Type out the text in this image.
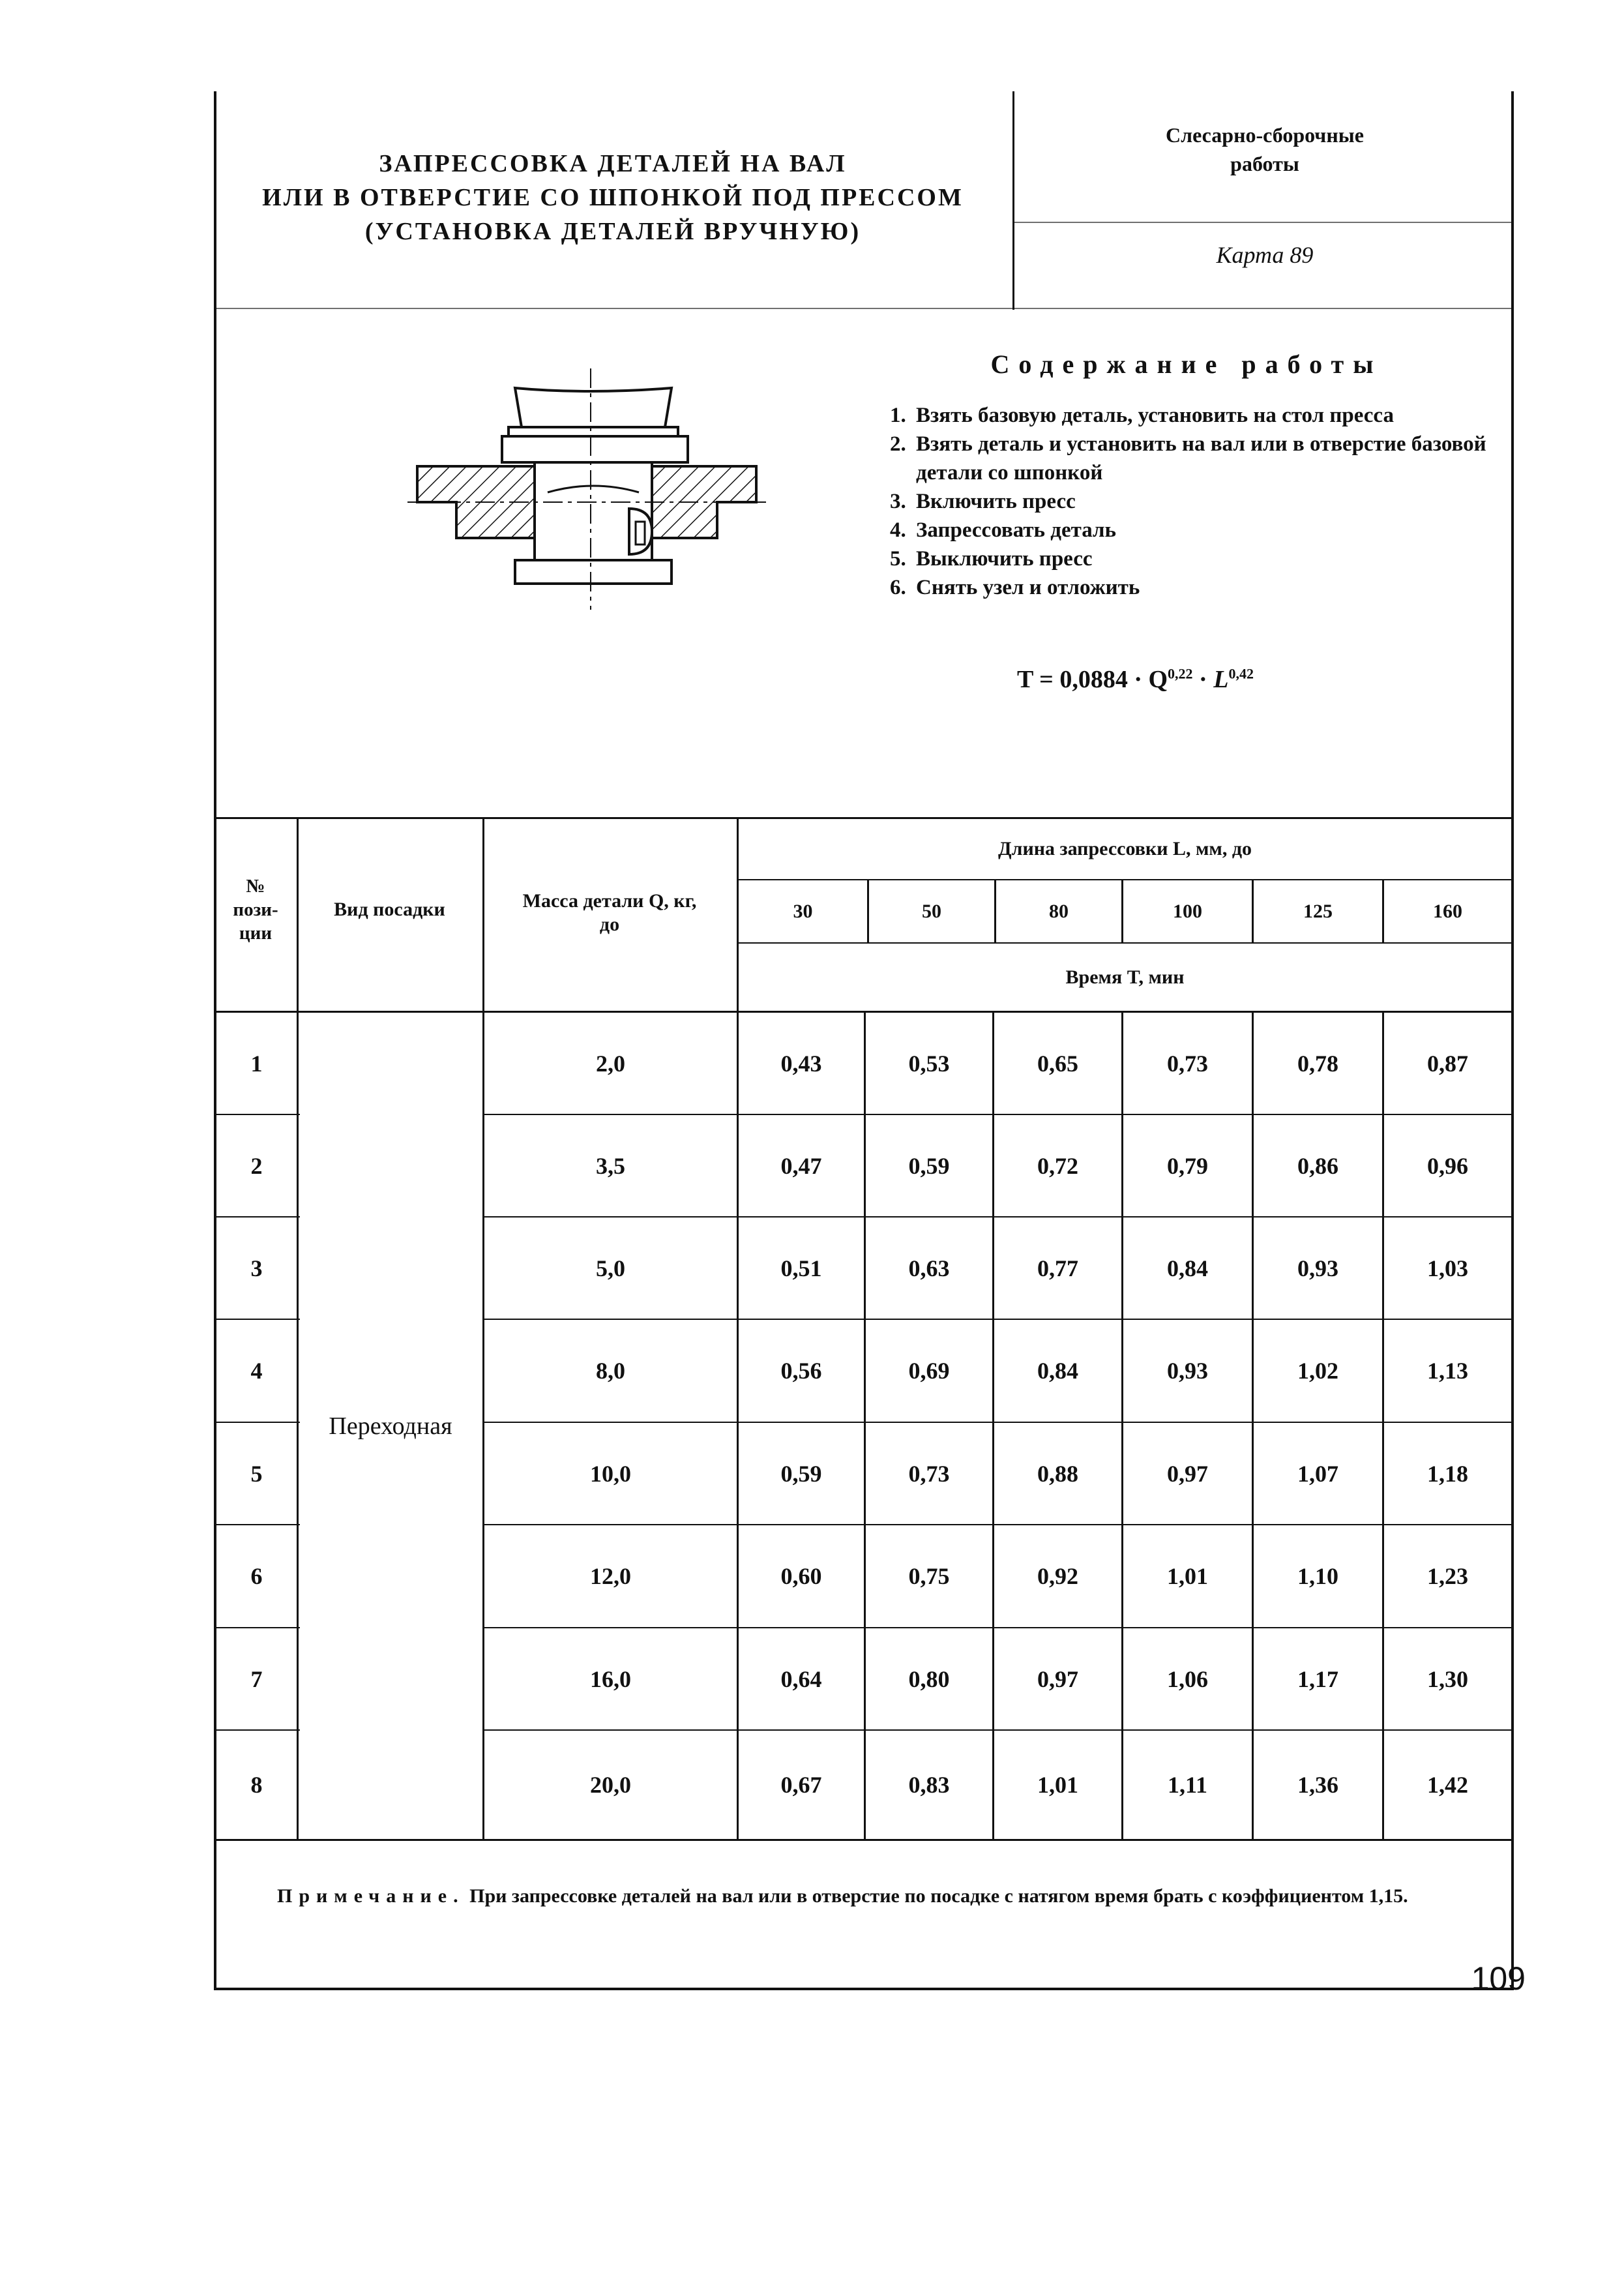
ЗАПРЕССОВКА ДЕТАЛЕЙ НА ВАЛ
ИЛИ В ОТВЕРСТИЕ СО ШПОНКОЙ ПОД ПРЕССОМ
(УСТАНОВКА ДЕТАЛЕЙ ВРУЧНУЮ)
Слесарно-сборочные
работы
Карта 89
Содержание работы
1. Взять базовую деталь, установить на стол пресса
2. Взять деталь и установить на вал или в отверстие базовой детали со шпонкой
3. Включить пресс
4. Запрессовать деталь
5. Выключить пресс
6. Снять узел и отложить
T = 0,0884 · Q$^{0,22}$ · L$^{0,42}$
№ пози-ции
Вид посадки	Масса детали Q, кг, до
Длина запрессовки L, мм, до
30	50	80	100	125	160
Время T, мин
Переходная
1	2,0	0,43	0,53	0,65	0,73	0,78	0,87
2	3,5	0,47	0,59	0,72	0,79	0,86	0,96
3	5,0	0,51	0,63	0,77	0,84	0,93	1,03
4	8,0	0,56	0,69	0,84	0,93	1,02	1,13
5	10,0	0,59	0,73	0,88	0,97	1,07	1,18
6	12,0	0,60	0,75	0,92	1,01	1,10	1,23
7	16,0	0,64	0,80	0,97	1,06	1,17	1,30
8	20,0	0,67	0,83	1,01	1,11	1,36	1,42
Примечание. При запрессовке деталей на вал или в отверстие по посадке с натягом время брать с коэффициентом 1,15.
109
